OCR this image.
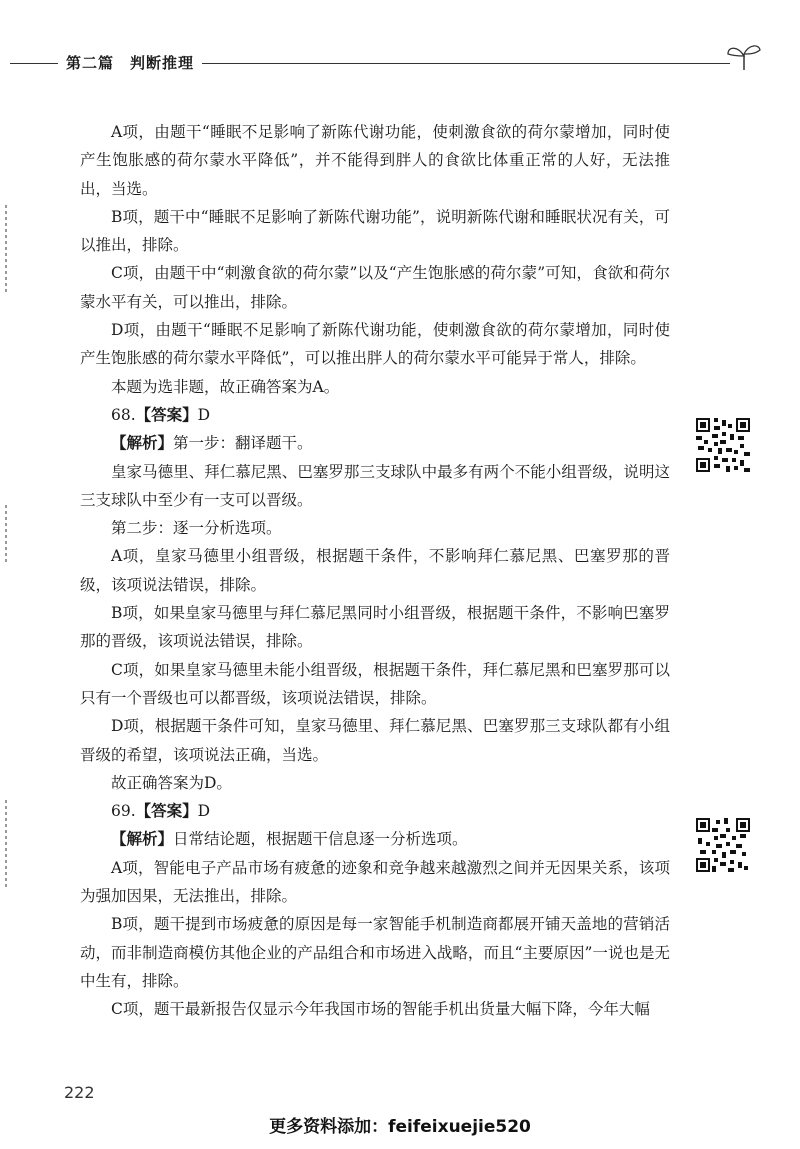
第二篇　判断推理

A项，由题干“睡眠不足影响了新陈代谢功能，使刺激食欲的荷尔蒙增加，同时使产生饱胀感的荷尔蒙水平降低”，并不能得到胖人的食欲比体重正常的人好，无法推出，当选。

B项，题干中“睡眠不足影响了新陈代谢功能”，说明新陈代谢和睡眠状况有关，可以推出，排除。

C项，由题干中“刺激食欲的荷尔蒙”以及“产生饱胀感的荷尔蒙”可知，食欲和荷尔蒙水平有关，可以推出，排除。

D项，由题干“睡眠不足影响了新陈代谢功能，使刺激食欲的荷尔蒙增加，同时使产生饱胀感的荷尔蒙水平降低”，可以推出胖人的荷尔蒙水平可能异于常人，排除。

本题为选非题，故正确答案为A。

68.【答案】D

【解析】第一步：翻译题干。

皇家马德里、拜仁慕尼黑、巴塞罗那三支球队中最多有两个不能小组晋级，说明这三支球队中至少有一支可以晋级。

第二步：逐一分析选项。

A项，皇家马德里小组晋级，根据题干条件，不影响拜仁慕尼黑、巴塞罗那的晋级，该项说法错误，排除。

B项，如果皇家马德里与拜仁慕尼黑同时小组晋级，根据题干条件，不影响巴塞罗那的晋级，该项说法错误，排除。

C项，如果皇家马德里未能小组晋级，根据题干条件，拜仁慕尼黑和巴塞罗那可以只有一个晋级也可以都晋级，该项说法错误，排除。

D项，根据题干条件可知，皇家马德里、拜仁慕尼黑、巴塞罗那三支球队都有小组晋级的希望，该项说法正确，当选。

故正确答案为D。

69.【答案】D

【解析】日常结论题，根据题干信息逐一分析选项。

A项，智能电子产品市场有疲惫的迹象和竞争越来越激烈之间并无因果关系，该项为强加因果，无法推出，排除。

B项，题干提到市场疲惫的原因是每一家智能手机制造商都展开铺天盖地的营销活动，而非制造商模仿其他企业的产品组合和市场进入战略，而且“主要原因”一说也是无中生有，排除。

C项，题干最新报告仅显示今年我国市场的智能手机出货量大幅下降，今年大幅

222
更多资料添加：feifeixuejie520
